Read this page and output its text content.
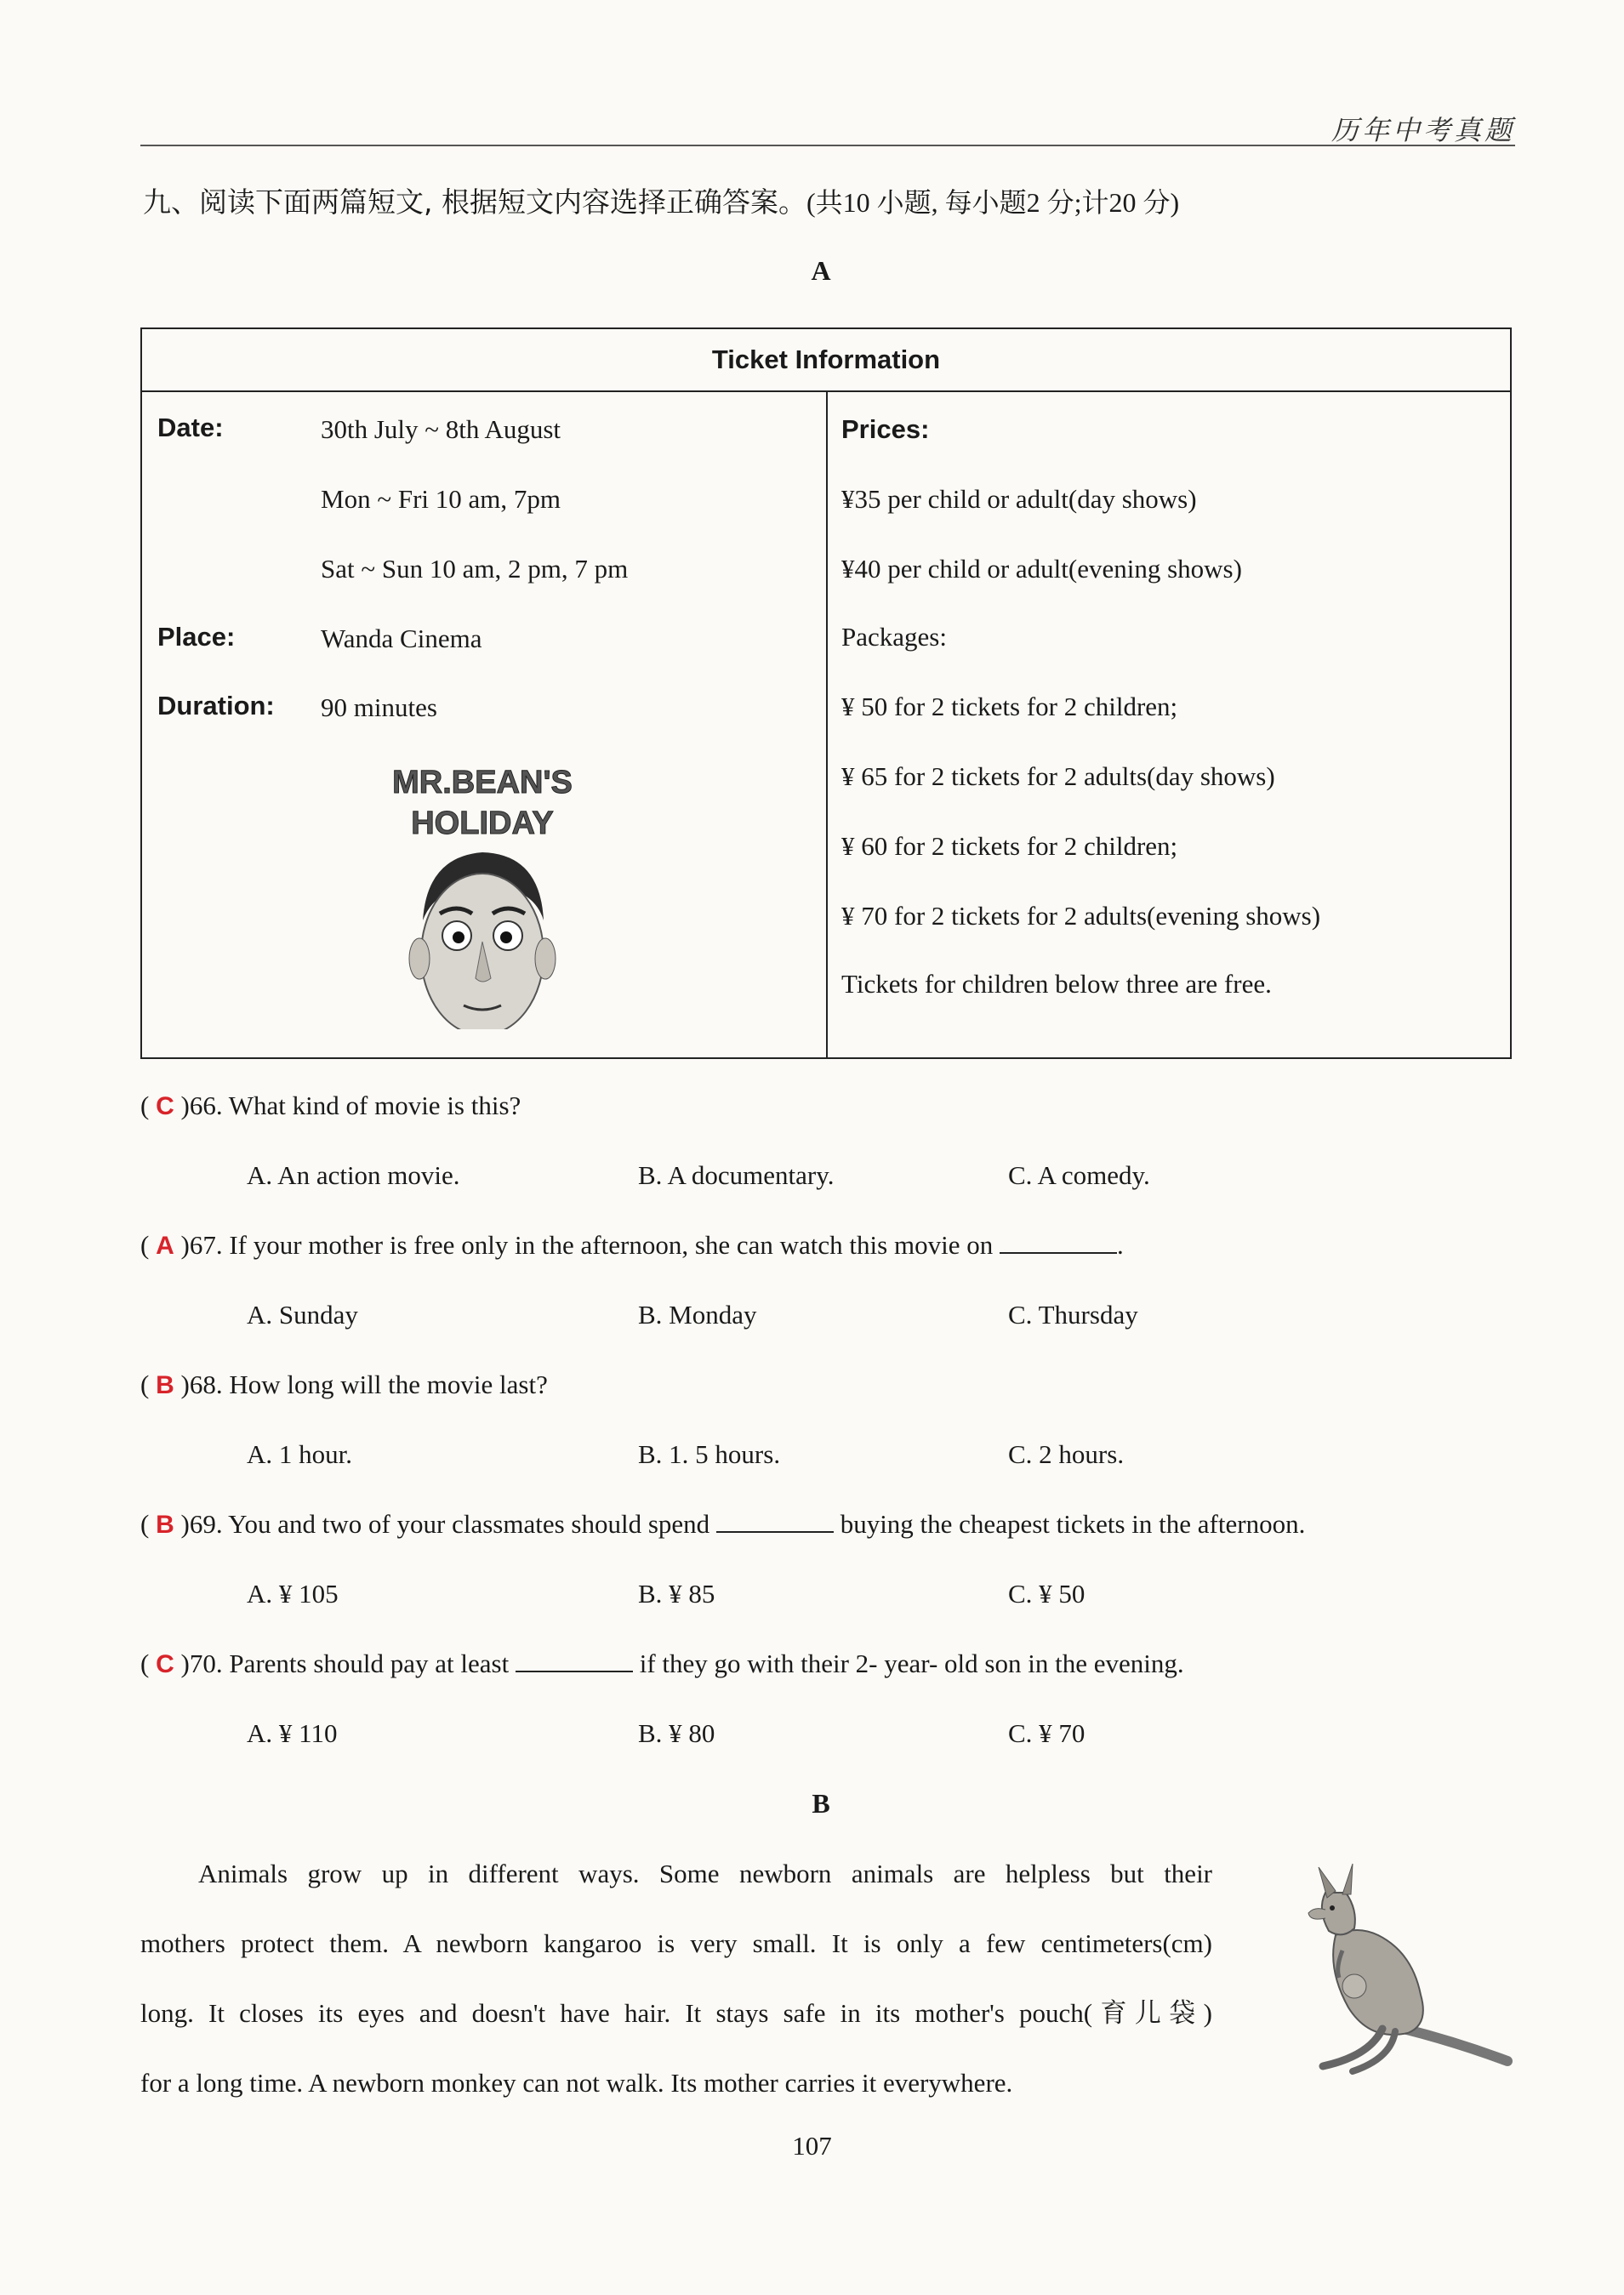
历年中考真题
九、阅读下面两篇短文, 根据短文内容选择正确答案。(共10 小题, 每小题2 分;计20 分)
A
Ticket Information
Date:	30th July ~ 8th August
Mon ~ Fri 10 am, 7pm
Sat ~ Sun 10 am, 2 pm, 7 pm
Place:	Wanda Cinema
Duration: 90 minutes
MR.BEAN'S
HOLIDAY
Prices:
¥35 per child or adult(day shows)
¥40 per child or adult(evening shows)
Packages:
¥ 50 for 2 tickets for 2 children;
¥ 65 for 2 tickets for 2 adults(day shows)
¥ 60 for 2 tickets for 2 children;
¥ 70 for 2 tickets for 2 adults(evening shows)
Tickets for children below three are free.
( C )66. What kind of movie is this?
A. An action movie.	B. A documentary.	C. A comedy.
( A )67. If your mother is free only in the afternoon, she can watch this movie on	.
A. Sunday	B. Monday	C. Thursday
( B )68. How long will the movie last?
A. 1 hour.	B. 1. 5 hours.	C. 2 hours.
( B )69. You and two of your classmates should spend	buying the cheapest tickets in the afternoon.
A. ¥ 105	B. ¥ 85	C. ¥ 50
( C )70. Parents should pay at least	if they go with their 2- year- old son in the evening.
A. ¥ 110	B. ¥ 80	C. ¥ 70
B

Animals grow up in different ways. Some newborn animals are helpless but their

mothers protect them. A newborn kangaroo is very small. It is only a few centimeters(cm)

long. It closes its eyes and doesn't have hair. It stays safe in its mother's pouch(育儿袋)

for a long time. A newborn monkey can not walk. Its mother carries it everywhere.

107
